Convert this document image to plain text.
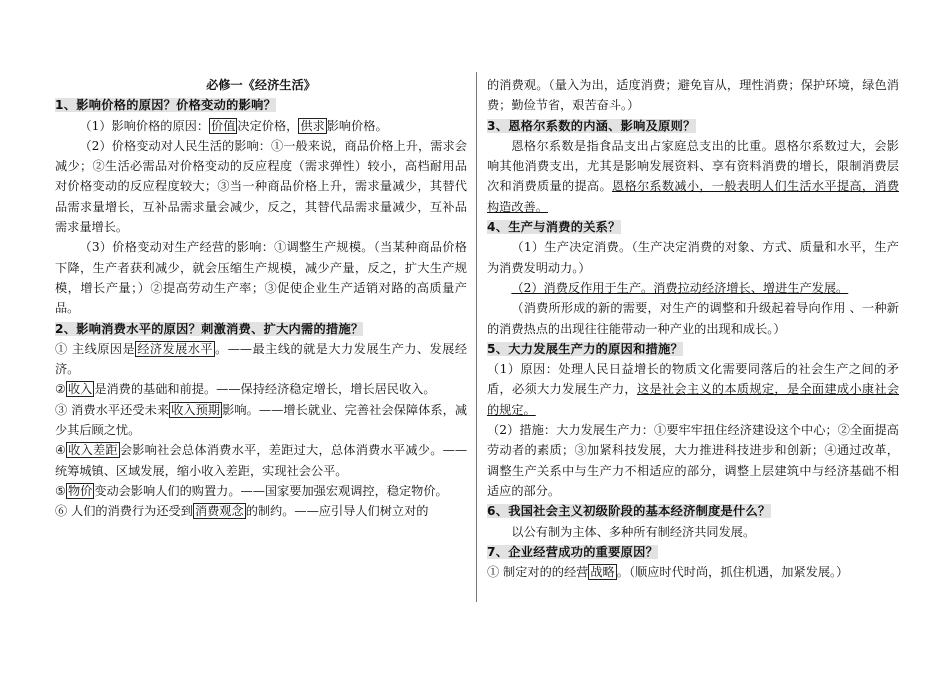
必修一《经济生活》
1、影响价格的原因？价格变动的影响？

（1）影响价格的原因： 价值 决定价格， 供求 影响价格。

（2）价格变动对人民生活的影响：①一般来说，商品价格上升，需求会减少；②生活必需品对价格变动的反应程度（需求弹性）较小，高档耐用品对价格变动的反应程度较大；③当一种商品价格上升，需求量减少，其替代品需求量增长，互补品需求量会减少，反之，其替代品需求量减少，互补品需求量增长。

（3）价格变动对生产经营的影响：①调整生产规模。（当某种商品价格下降，生产者获利减少，就会压缩生产规模，减少产量，反之，扩大生产规模，增长产量；）②提高劳动生产率；③促使企业生产适销对路的高质量产品。

2、影响消费水平的原因？刺激消费、扩大内需的措施？

① 主线原因是 经济发展水平 。——最主线的就是大力发展生产力、发展经济。

② 收入 是消费的基础和前提。——保持经济稳定增长，增长居民收入。

③ 消费水平还受未来 收入预期 影响。——增长就业、完善社会保障体系，减少其后顾之忧。

④ 收入差距 会影响社会总体消费水平，差距过大，总体消费水平减少。——统筹城镇、区域发展，缩小收入差距，实现社会公平。

⑤ 物价 变动会影响人们的购置力。——国家要加强宏观调控，稳定物价。

⑥ 人们的消费行为还受到 消费观念 的制约。——应引导人们树立对的

的消费观。（量入为出，适度消费；避免盲从，理性消费；保护环境，绿色消费；勤俭节省，艰苦奋斗。）

3、恩格尔系数的内涵、影响及原则？

恩格尔系数是指食品支出占家庭总支出的比重。恩格尔系数过大，会影响其他消费支出，尤其是影响发展资料、享有资料消费的增长，限制消费层次和消费质量的提高。恩格尔系数减小，一般表明人们生活水平提高，消费构造改善。

4、生产与消费的关系？

（1）生产决定消费。（生产决定消费的对象、方式、质量和水平，生产为消费发明动力。）

（2）消费反作用于生产。消费拉动经济增长、增进生产发展。

（消费所形成的新的需要，对生产的调整和升级起着导向作用 、一种新的消费热点的出现往往能带动一种产业的出现和成长。）

5、大力发展生产力的原因和措施？

（1）原因：处理人民日益增长的物质文化需要同落后的社会生产之间的矛盾，必须大力发展生产力，这是社会主义的本质规定，是全面建成小康社会的规定。

（2）措施：大力发展生产力：①要牢牢扭住经济建设这个中心；②全面提高劳动者的素质；③加紧科技发展，大力推进科技进步和创新；④通过改革，调整生产关系中与生产力不相适应的部分，调整上层建筑中与经济基础不相适应的部分。

6、我国社会主义初级阶段的基本经济制度是什么？

以公有制为主体、多种所有制经济共同发展。

7、企业经营成功的重要原因？

① 制定对的的经营 战略 。（顺应时代时尚，抓住机遇，加紧发展。）
